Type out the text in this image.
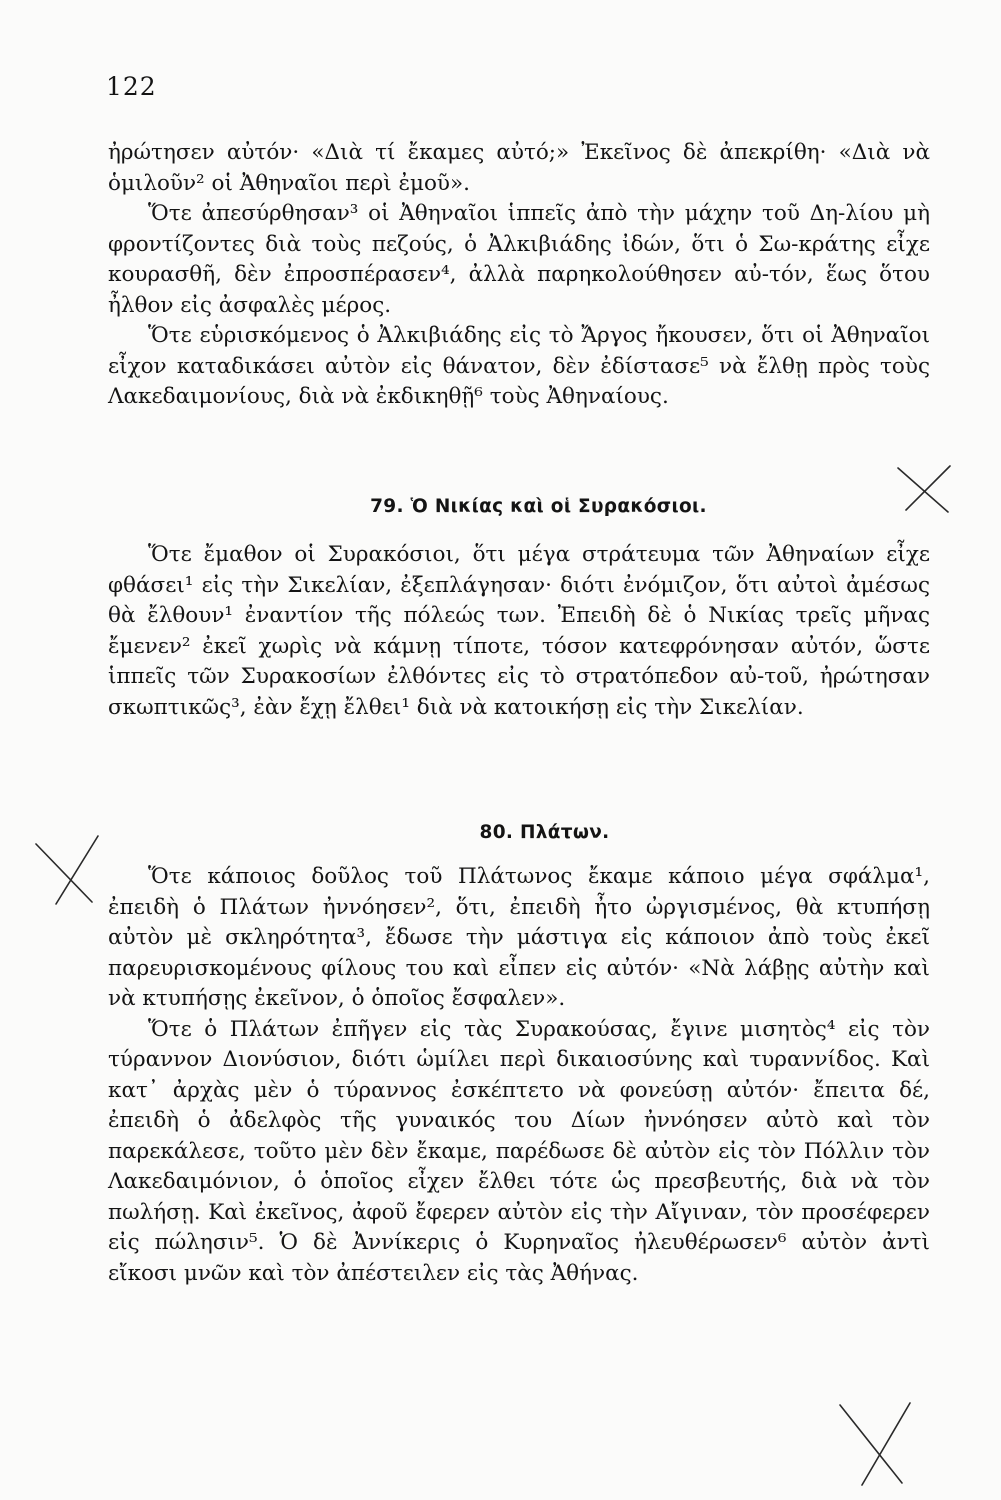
122

ἠρώτησεν αὐτόν· «Διὰ τί ἔκαμες αὐτό;» Ἐκεῖνος δὲ ἀπεκρίθη· «Διὰ νὰ ὁμιλοῦν² οἱ Ἀθηναῖοι περὶ ἐμοῦ».

Ὅτε ἀπεσύρθησαν³ οἱ Ἀθηναῖοι ἱππεῖς ἀπὸ τὴν μάχην τοῦ Δη-λίου μὴ φροντίζοντες διὰ τοὺς πεζούς, ὁ Ἀλκιβιάδης ἰδών, ὅτι ὁ Σω-κράτης εἶχε κουρασθῆ, δὲν ἐπροσπέρασεν⁴, ἀλλὰ παρηκολούθησεν αὐ-τόν, ἕως ὅτου ἦλθον εἰς ἀσφαλὲς μέρος.

Ὅτε εὑρισκόμενος ὁ Ἀλκιβιάδης εἰς τὸ Ἄργος ἤκουσεν, ὅτι οἱ Ἀθηναῖοι εἶχον καταδικάσει αὐτὸν εἰς θάνατον, δὲν ἐδίστασε⁵ νὰ ἔλθῃ πρὸς τοὺς Λακεδαιμονίους, διὰ νὰ ἐκδικηθῇ⁶ τοὺς Ἀθηναίους.

79. Ὁ Νικίας καὶ οἱ Συρακόσιοι.

Ὅτε ἔμαθον οἱ Συρακόσιοι, ὅτι μέγα στράτευμα τῶν Ἀθηναίων εἶχε φθάσει¹ εἰς τὴν Σικελίαν, ἐξεπλάγησαν· διότι ἐνόμιζον, ὅτι αὐτοὶ ἀμέσως θὰ ἔλθουν¹ ἐναντίον τῆς πόλεώς των. Ἐπειδὴ δὲ ὁ Νικίας τρεῖς μῆνας ἔμενεν² ἐκεῖ χωρὶς νὰ κάμνῃ τίποτε, τόσον κατεφρόνησαν αὐτόν, ὥστε ἱππεῖς τῶν Συρακοσίων ἐλθόντες εἰς τὸ στρατόπεδον αὐ-τοῦ, ἠρώτησαν σκωπτικῶς³, ἐὰν ἔχῃ ἔλθει¹ διὰ νὰ κατοικήσῃ εἰς τὴν Σικελίαν.

80. Πλάτων.

Ὅτε κάποιος δοῦλος τοῦ Πλάτωνος ἔκαμε κάποιο μέγα σφάλμα¹, ἐπειδὴ ὁ Πλάτων ἠννόησεν², ὅτι, ἐπειδὴ ἦτο ὠργισμένος, θὰ κτυπήσῃ αὐτὸν μὲ σκληρότητα³, ἔδωσε τὴν μάστιγα εἰς κάποιον ἀπὸ τοὺς ἐκεῖ παρευρισκομένους φίλους του καὶ εἶπεν εἰς αὐτόν· «Νὰ λάβῃς αὐτὴν καὶ νὰ κτυπήσῃς ἐκεῖνον, ὁ ὁποῖος ἔσφαλεν».

Ὅτε ὁ Πλάτων ἐπῆγεν εἰς τὰς Συρακούσας, ἔγινε μισητὸς⁴ εἰς τὸν τύραννον Διονύσιον, διότι ὡμίλει περὶ δικαιοσύνης καὶ τυραννίδος. Καὶ κατ᾽ ἀρχὰς μὲν ὁ τύραννος ἐσκέπτετο νὰ φονεύσῃ αὐτόν· ἔπειτα δέ, ἐπειδὴ ὁ ἀδελφὸς τῆς γυναικός του Δίων ἠννόησεν αὐτὸ καὶ τὸν παρεκάλεσε, τοῦτο μὲν δὲν ἔκαμε, παρέδωσε δὲ αὐτὸν εἰς τὸν Πόλλιν τὸν Λακεδαιμόνιον, ὁ ὁποῖος εἶχεν ἔλθει τότε ὡς πρεσβευτής, διὰ νὰ τὸν πωλήσῃ. Καὶ ἐκεῖνος, ἀφοῦ ἔφερεν αὐτὸν εἰς τὴν Αἴγιναν, τὸν προσέφερεν εἰς πώλησιν⁵. Ὁ δὲ Ἀννίκερις ὁ Κυρηναῖος ἠλευθέρωσεν⁶ αὐτὸν ἀντὶ εἴκοσι μνῶν καὶ τὸν ἀπέστειλεν εἰς τὰς Ἀθήνας.
